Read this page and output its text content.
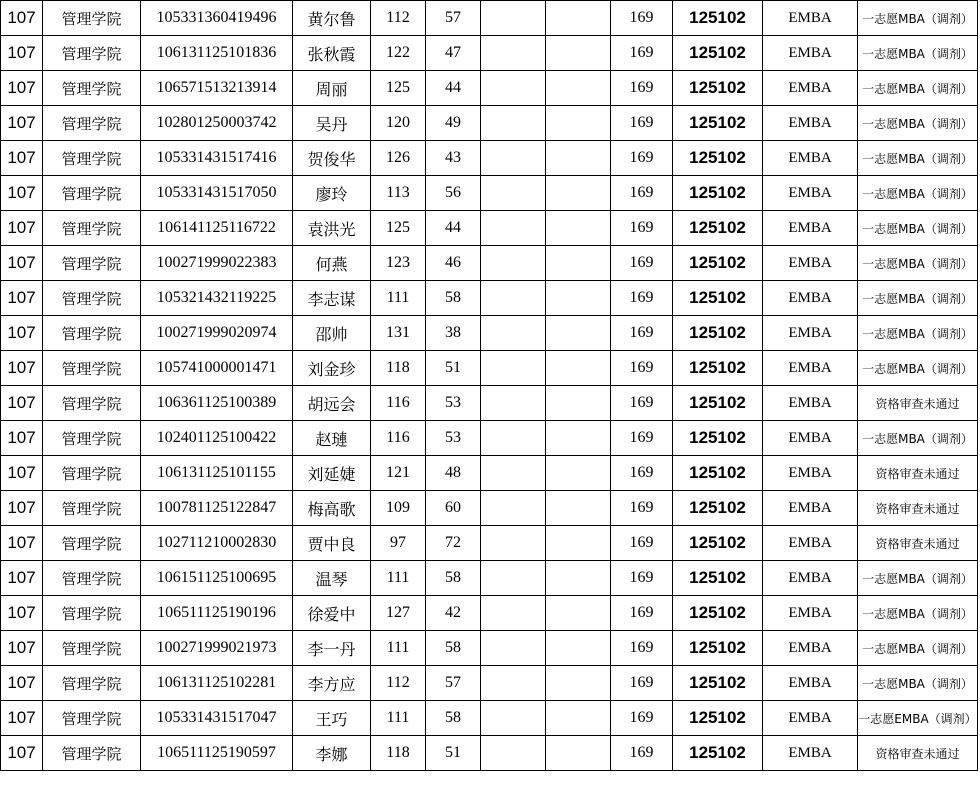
107	管理学院	105331360419496	黄尔鲁	112	57			169	125102	EMBA	一志愿MBA（调剂）
107	管理学院	106131125101836	张秋霞	122	47			169	125102	EMBA	一志愿MBA（调剂）
107	管理学院	106571513213914	周丽	125	44			169	125102	EMBA	一志愿MBA（调剂）
107	管理学院	102801250003742	吴丹	120	49			169	125102	EMBA	一志愿MBA（调剂）
107	管理学院	105331431517416	贺俊华	126	43			169	125102	EMBA	一志愿MBA（调剂）
107	管理学院	105331431517050	廖玲	113	56			169	125102	EMBA	一志愿MBA（调剂）
107	管理学院	106141125116722	袁洪光	125	44			169	125102	EMBA	一志愿MBA（调剂）
107	管理学院	100271999022383	何燕	123	46			169	125102	EMBA	一志愿MBA（调剂）
107	管理学院	105321432119225	李志谋	111	58			169	125102	EMBA	一志愿MBA（调剂）
107	管理学院	100271999020974	邵帅	131	38			169	125102	EMBA	一志愿MBA（调剂）
107	管理学院	105741000001471	刘金珍	118	51			169	125102	EMBA	一志愿MBA（调剂）
107	管理学院	106361125100389	胡远会	116	53			169	125102	EMBA	资格审查未通过
107	管理学院	102401125100422	赵璉	116	53			169	125102	EMBA	一志愿MBA（调剂）
107	管理学院	106131125101155	刘延婕	121	48			169	125102	EMBA	资格审查未通过
107	管理学院	100781125122847	梅高歌	109	60			169	125102	EMBA	资格审查未通过
107	管理学院	102711210002830	贾中良	97	72			169	125102	EMBA	资格审查未通过
107	管理学院	106151125100695	温琴	111	58			169	125102	EMBA	一志愿MBA（调剂）
107	管理学院	106511125190196	徐爱中	127	42			169	125102	EMBA	一志愿MBA（调剂）
107	管理学院	100271999021973	李一丹	111	58			169	125102	EMBA	一志愿MBA（调剂）
107	管理学院	106131125102281	李方应	112	57			169	125102	EMBA	一志愿MBA（调剂）
107	管理学院	105331431517047	王巧	111	58			169	125102	EMBA	一志愿EMBA（调剂）
107	管理学院	106511125190597	李娜	118	51			169	125102	EMBA	资格审查未通过
